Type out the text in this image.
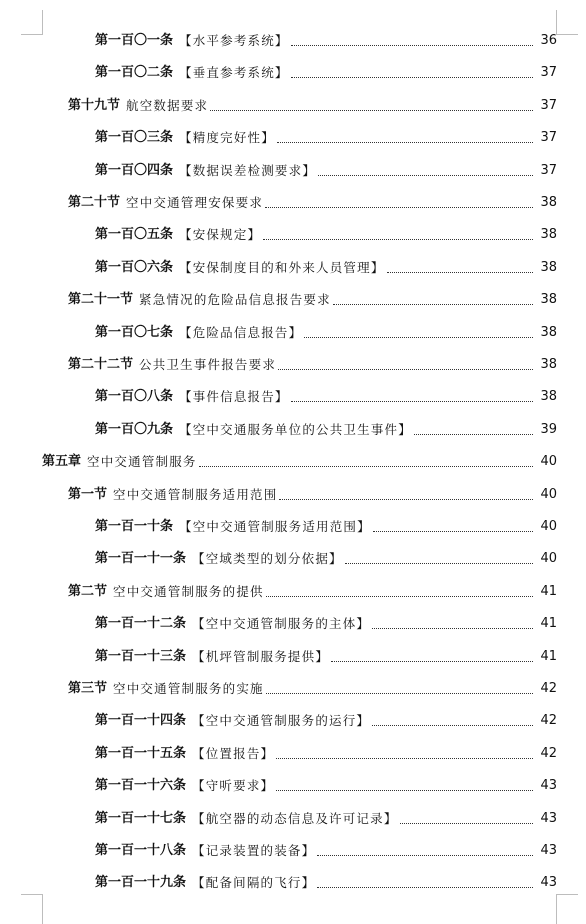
第一百〇一条 【水平参考系统】	36
第一百〇二条 【垂直参考系统】	37
第十九节 航空数据要求	37
第一百〇三条 【精度完好性】	37
第一百〇四条 【数据误差检测要求】	37
第二十节 空中交通管理安保要求	38
第一百〇五条 【安保规定】	38
第一百〇六条 【安保制度目的和外来人员管理】	38
第二十一节 紧急情况的危险品信息报告要求	38
第一百〇七条 【危险品信息报告】	38
第二十二节 公共卫生事件报告要求	38
第一百〇八条 【事件信息报告】	38
第一百〇九条 【空中交通服务单位的公共卫生事件】	39
第五章 空中交通管制服务	40
第一节 空中交通管制服务适用范围	40
第一百一十条 【空中交通管制服务适用范围】	40
第一百一十一条 【空域类型的划分依据】	40
第二节 空中交通管制服务的提供	41
第一百一十二条 【空中交通管制服务的主体】	41
第一百一十三条 【机坪管制服务提供】	41
第三节 空中交通管制服务的实施	42
第一百一十四条 【空中交通管制服务的运行】	42
第一百一十五条 【位置报告】	42
第一百一十六条 【守听要求】	43
第一百一十七条 【航空器的动态信息及许可记录】	43
第一百一十八条 【记录装置的装备】	43
第一百一十九条 【配备间隔的飞行】	43
